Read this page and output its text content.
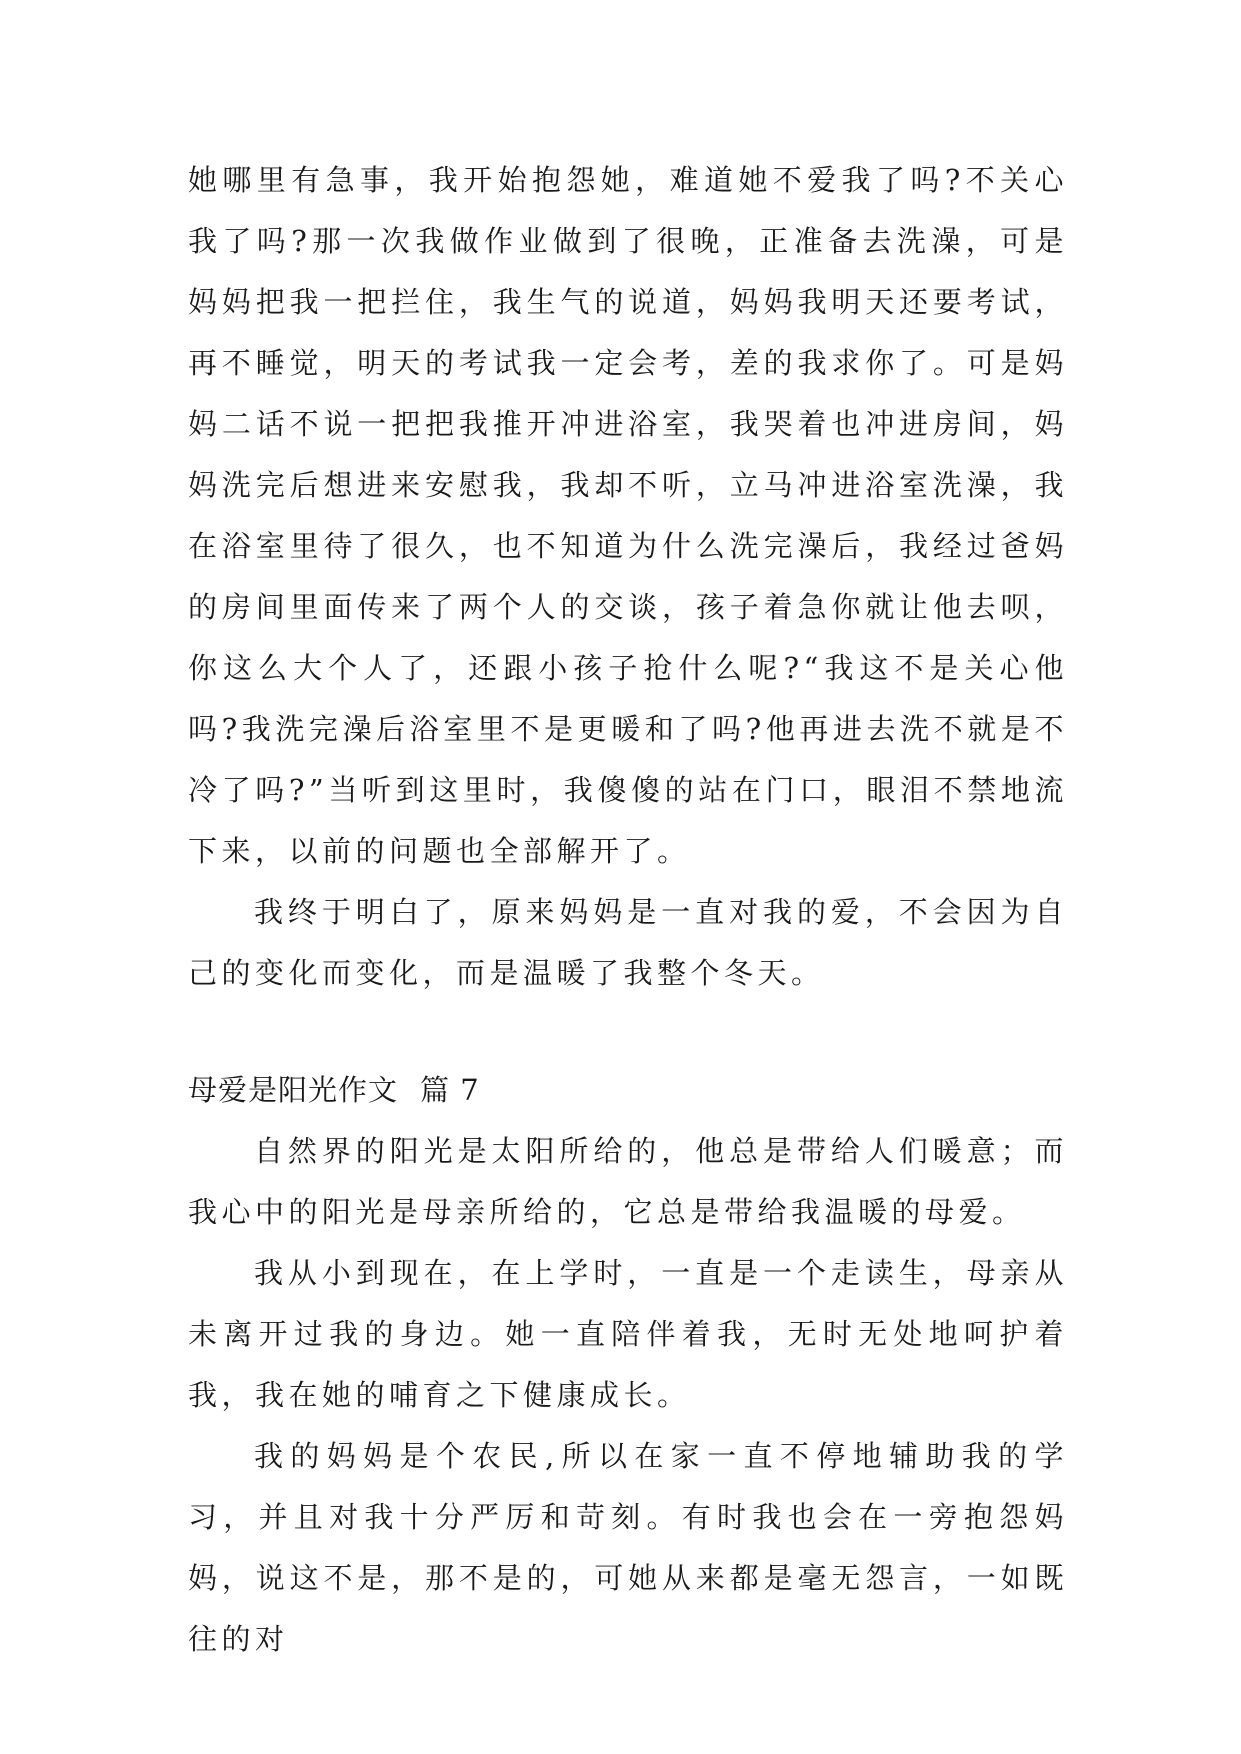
她哪里有急事，我开始抱怨她，难道她不爱我了吗?不关心我了吗?那一次我做作业做到了很晚，正准备去洗澡，可是妈妈把我一把拦住，我生气的说道，妈妈我明天还要考试，再不睡觉，明天的考试我一定会考，差的我求你了。可是妈妈二话不说一把把我推开冲进浴室，我哭着也冲进房间，妈妈洗完后想进来安慰我，我却不听，立马冲进浴室洗澡，我在浴室里待了很久，也不知道为什么洗完澡后，我经过爸妈的房间里面传来了两个人的交谈，孩子着急你就让他去呗，你这么大个人了，还跟小孩子抢什么呢?“我这不是关心他吗?我洗完澡后浴室里不是更暖和了吗?他再进去洗不就是不冷了吗?”当听到这里时，我傻傻的站在门口，眼泪不禁地流下来，以前的问题也全部解开了。

我终于明白了，原来妈妈是一直对我的爱，不会因为自己的变化而变化，而是温暖了我整个冬天。

母爱是阳光作文 篇 7

自然界的阳光是太阳所给的，他总是带给人们暖意；而我心中的阳光是母亲所给的，它总是带给我温暖的母爱。

我从小到现在，在上学时，一直是一个走读生，母亲从未离开过我的身边。她一直陪伴着我，无时无处地呵护着我，我在她的哺育之下健康成长。

我的妈妈是个农民,所以在家一直不停地辅助我的学习，并且对我十分严厉和苛刻。有时我也会在一旁抱怨妈妈，说这不是，那不是的，可她从来都是毫无怨言，一如既往的对
